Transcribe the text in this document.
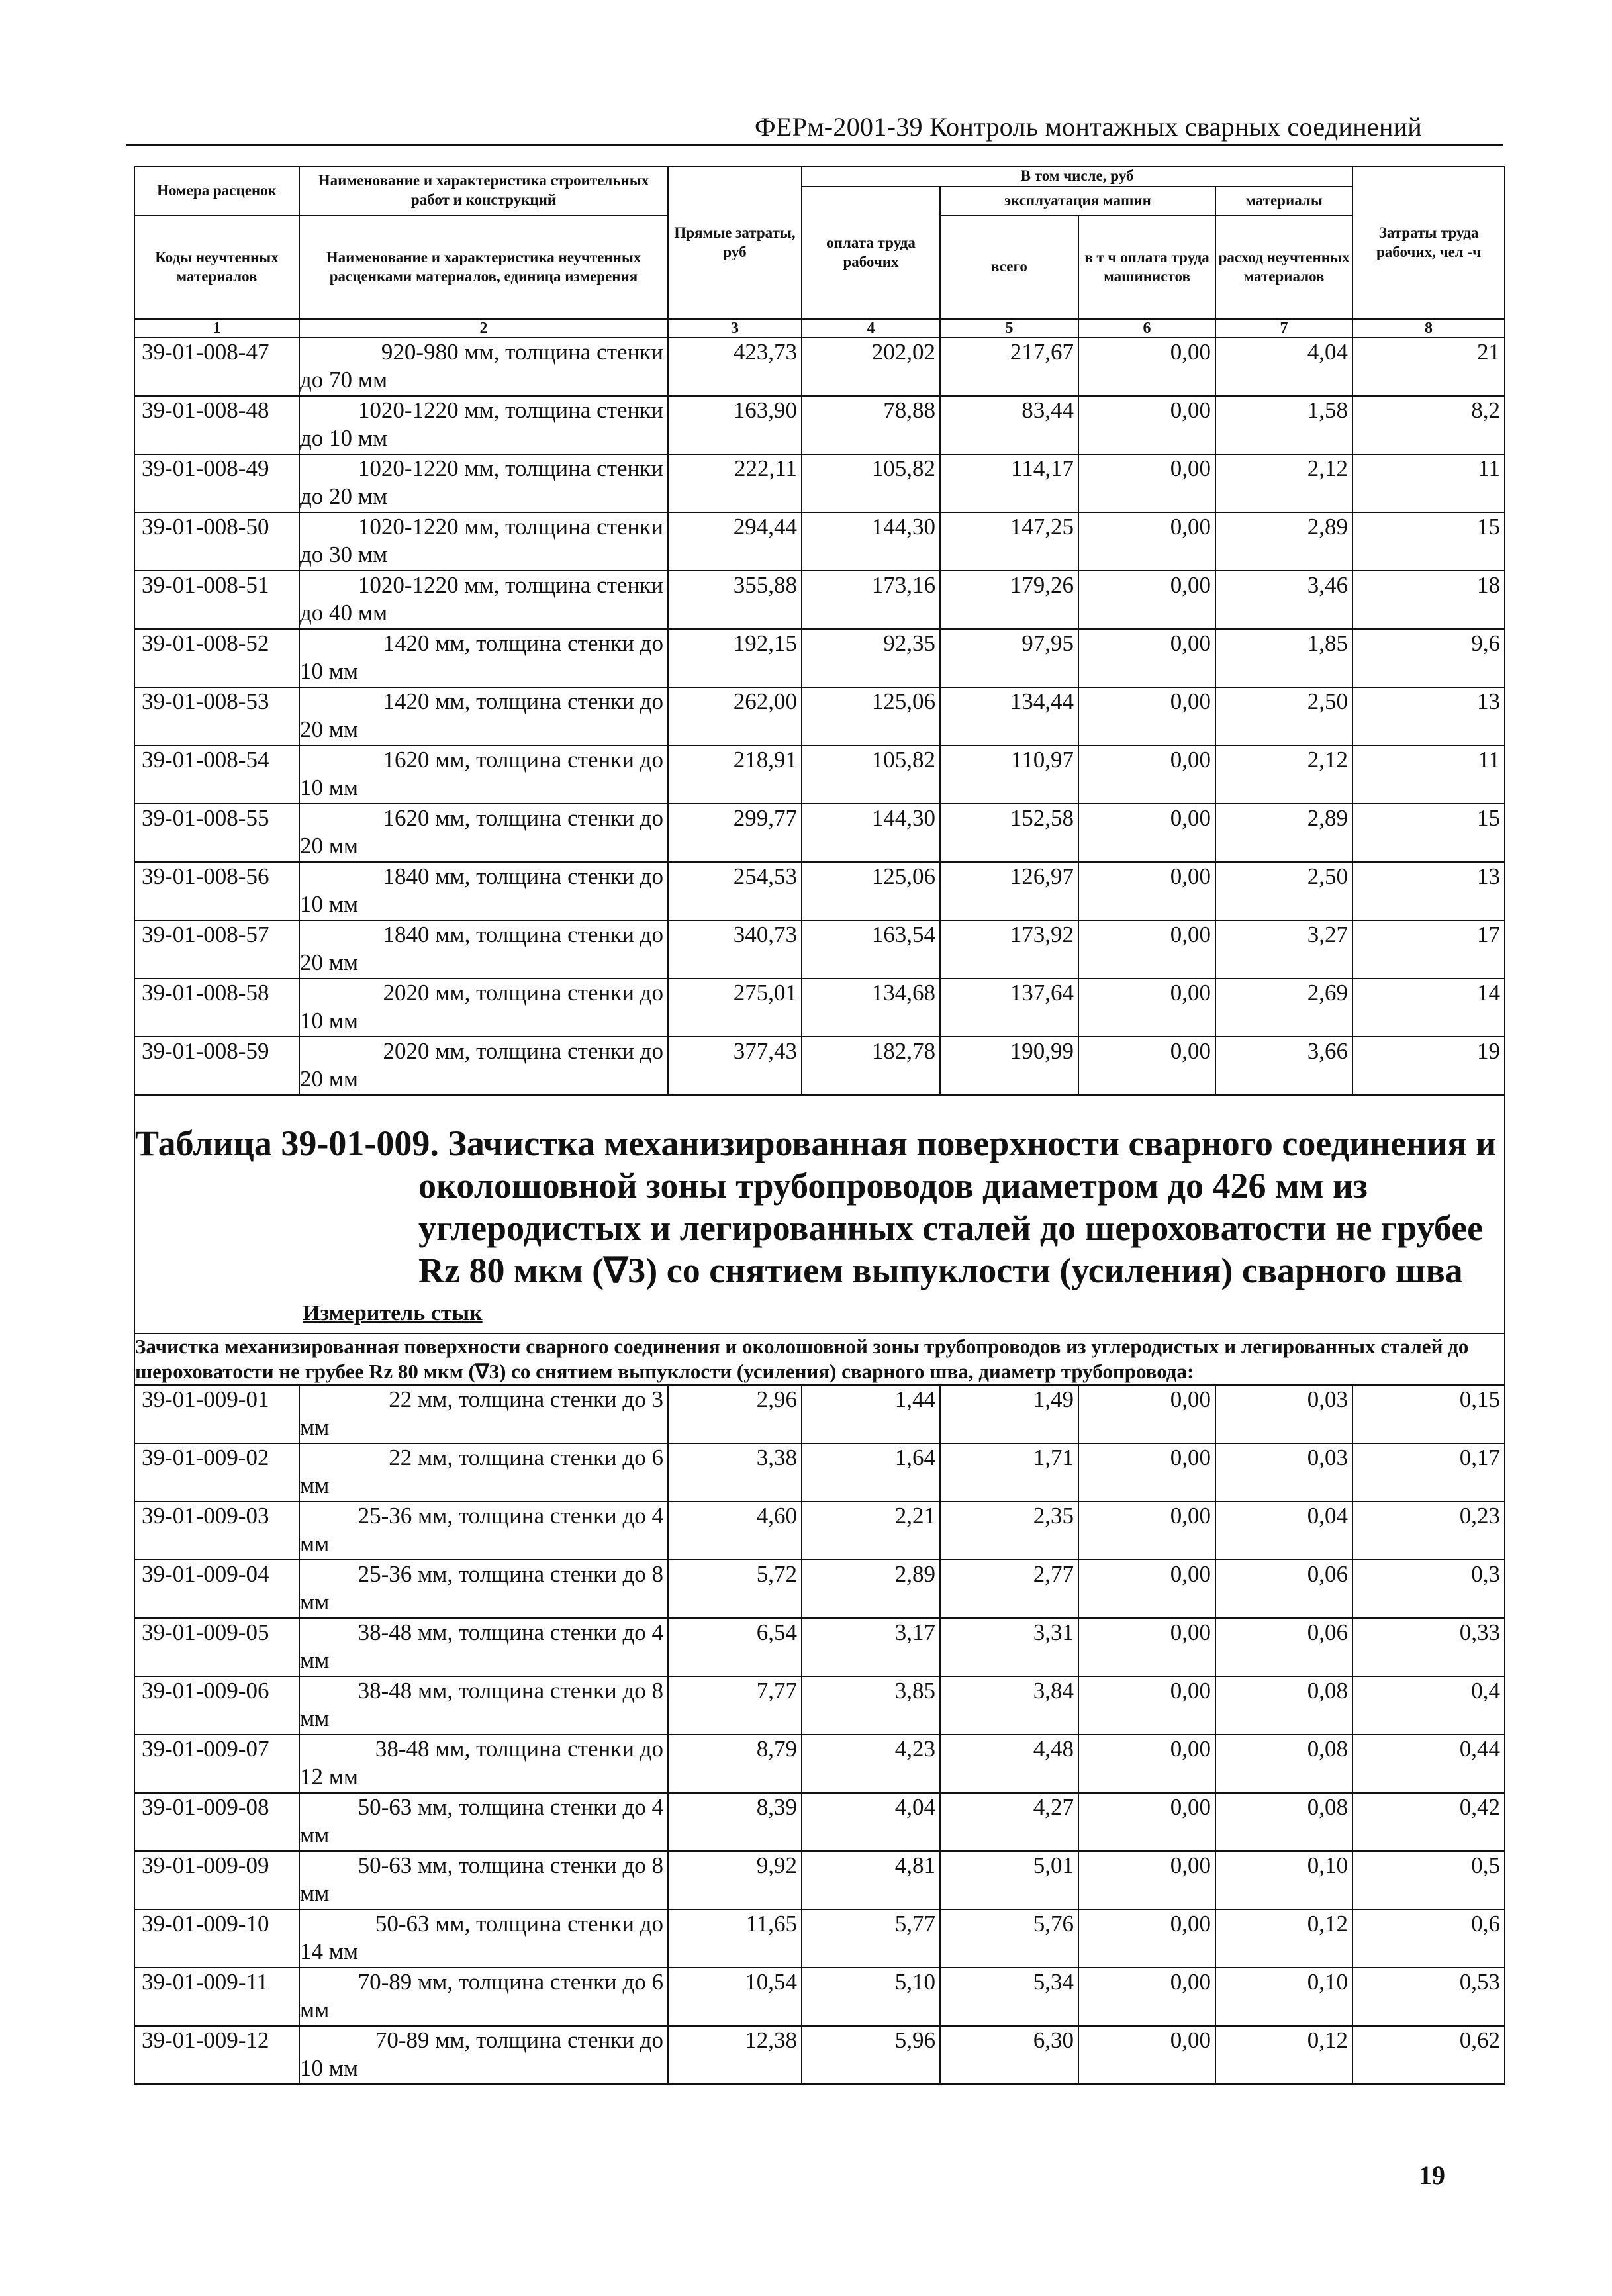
ФЕРм-2001-39 Контроль монтажных сварных соединений
Номера расценок	Наименование и характеристика строительных работ и конструкций	Прямые затраты, руб	В том числе, руб				Затраты труда рабочих, чел -ч
			оплата труда рабочих	эксплуатация машин		материалы	
Коды неучтенных материалов	Наименование и характеристика неучтенных расценками материалов, единица измерения			всего	в т ч оплата труда машинистов	расход неучтенных материалов	

1	2	3	4	5	6	7	8
39-01-008-47	920-980 мм, толщина стенки
до 70 мм	423,73	202,02	217,67	0,00	4,04	21
39-01-008-48	1020-1220 мм, толщина стенки
до 10 мм	163,90	78,88	83,44	0,00	1,58	8,2
39-01-008-49	1020-1220 мм, толщина стенки
до 20 мм	222,11	105,82	114,17	0,00	2,12	11
39-01-008-50	1020-1220 мм, толщина стенки
до 30 мм	294,44	144,30	147,25	0,00	2,89	15
39-01-008-51	1020-1220 мм, толщина стенки
до 40 мм	355,88	173,16	179,26	0,00	3,46	18
39-01-008-52	1420 мм, толщина стенки до
10 мм	192,15	92,35	97,95	0,00	1,85	9,6
39-01-008-53	1420 мм, толщина стенки до
20 мм	262,00	125,06	134,44	0,00	2,50	13
39-01-008-54	1620 мм, толщина стенки до
10 мм	218,91	105,82	110,97	0,00	2,12	11
39-01-008-55	1620 мм, толщина стенки до
20 мм	299,77	144,30	152,58	0,00	2,89	15
39-01-008-56	1840 мм, толщина стенки до
10 мм	254,53	125,06	126,97	0,00	2,50	13
39-01-008-57	1840 мм, толщина стенки до
20 мм	340,73	163,54	173,92	0,00	3,27	17
39-01-008-58	2020 мм, толщина стенки до
10 мм	275,01	134,68	137,64	0,00	2,69	14
39-01-008-59	2020 мм, толщина стенки до
20 мм	377,43	182,78	190,99	0,00	3,66	19

Таблица 39-01-009. Зачистка механизированная поверхности сварного соединения и
околошовной зоны трубопроводов диаметром до 426 мм из углеродистых и легированных сталей до шероховатости не грубее Rz 80 мкм (∇3) со снятием выпуклости (усиления) сварного шва
Измеритель стык							

Зачистка механизированная поверхности сварного соединения и околошовной зоны трубопроводов из углеродистых и легированных сталей до шероховатости не грубее Rz 80 мкм (∇3) со снятием выпуклости (усиления) сварного шва, диаметр трубопровода:							
39-01-009-01	22 мм, толщина стенки до 3
мм	2,96	1,44	1,49	0,00	0,03	0,15
39-01-009-02	22 мм, толщина стенки до 6
мм	3,38	1,64	1,71	0,00	0,03	0,17
39-01-009-03	25-36 мм, толщина стенки до 4
мм	4,60	2,21	2,35	0,00	0,04	0,23
39-01-009-04	25-36 мм, толщина стенки до 8
мм	5,72	2,89	2,77	0,00	0,06	0,3
39-01-009-05	38-48 мм, толщина стенки до 4
мм	6,54	3,17	3,31	0,00	0,06	0,33
39-01-009-06	38-48 мм, толщина стенки до 8
мм	7,77	3,85	3,84	0,00	0,08	0,4
39-01-009-07	38-48 мм, толщина стенки до
12 мм	8,79	4,23	4,48	0,00	0,08	0,44
39-01-009-08	50-63 мм, толщина стенки до 4
мм	8,39	4,04	4,27	0,00	0,08	0,42
39-01-009-09	50-63 мм, толщина стенки до 8
мм	9,92	4,81	5,01	0,00	0,10	0,5
39-01-009-10	50-63 мм, толщина стенки до
14 мм	11,65	5,77	5,76	0,00	0,12	0,6
39-01-009-11	70-89 мм, толщина стенки до 6
мм	10,54	5,10	5,34	0,00	0,10	0,53
39-01-009-12	70-89 мм, толщина стенки до
10 мм	12,38	5,96	6,30	0,00	0,12	0,62
19
